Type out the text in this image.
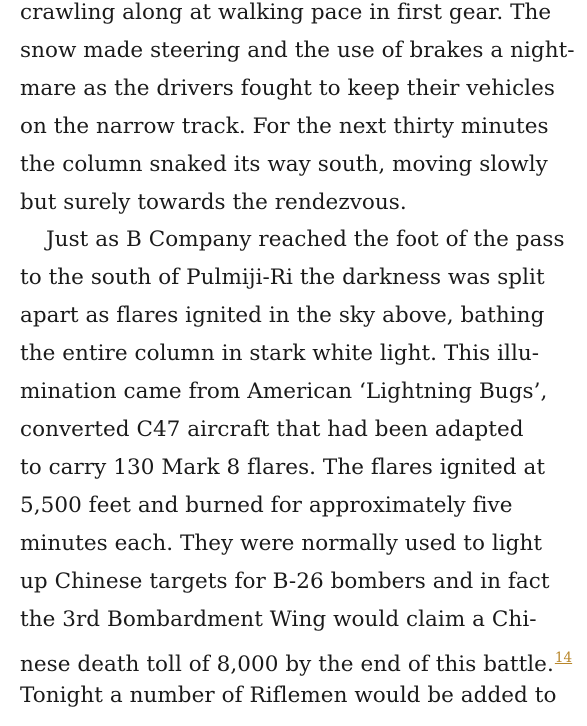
crawling along at walking pace in first gear. The
snow made steering and the use of brakes a night-
mare as the drivers fought to keep their vehicles
on the narrow track. For the next thirty minutes
the column snaked its way south, moving slowly
but surely towards the rendezvous.
Just as B Company reached the foot of the pass
to the south of Pulmiji-Ri the darkness was split
apart as flares ignited in the sky above, bathing
the entire column in stark white light. This illu-
mination came from American ‘Lightning Bugs’,
converted C47 aircraft that had been adapted
to carry 130 Mark 8 flares. The flares ignited at
5,500 feet and burned for approximately five
minutes each. They were normally used to light
up Chinese targets for B-26 bombers and in fact
the 3rd Bombardment Wing would claim a Chi-
nese death toll of 8,000 by the end of this battle.$^{14}$
Tonight a number of Riflemen would be added to
